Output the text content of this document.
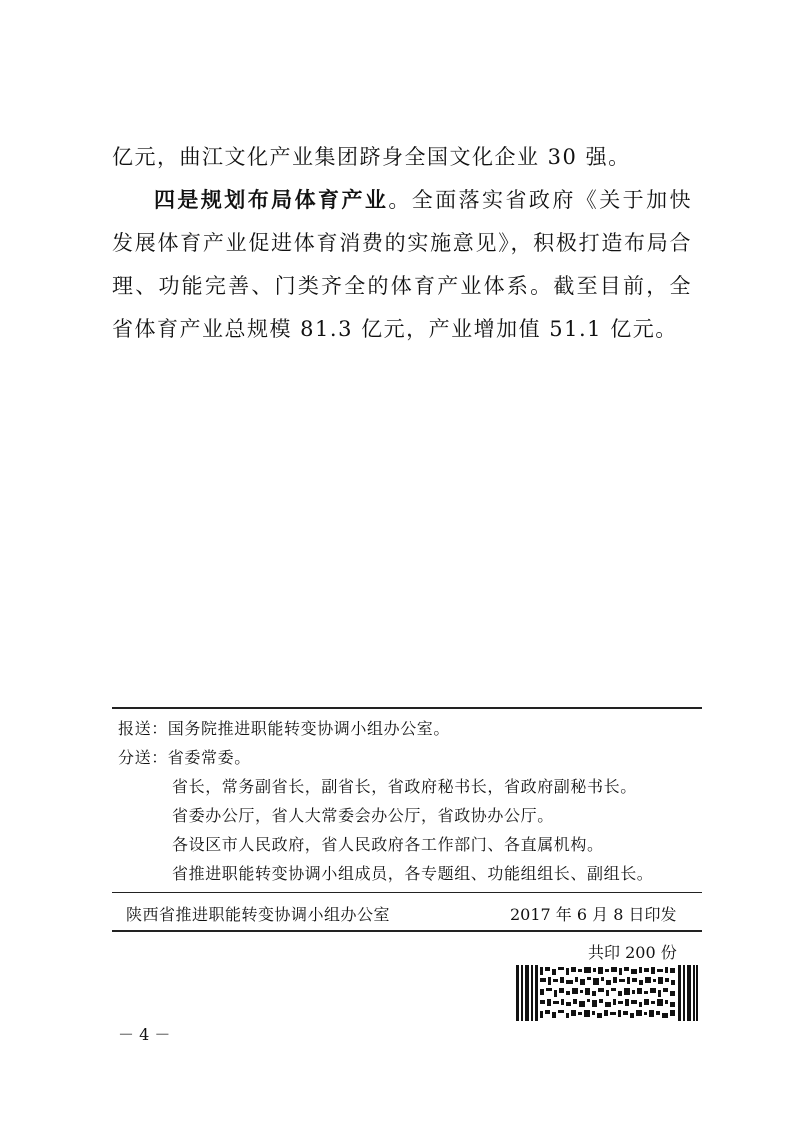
亿元，曲江文化产业集团跻身全国文化企业 30 强。

四是规划布局体育产业。全面落实省政府《关于加快发展体育产业促进体育消费的实施意见》，积极打造布局合理、功能完善、门类齐全的体育产业体系。截至目前，全省体育产业总规模 81.3 亿元，产业增加值 51.1 亿元。

报送：国务院推进职能转变协调小组办公室。
分送：省委常委。
省长，常务副省长，副省长，省政府秘书长，省政府副秘书长。
省委办公厅，省人大常委会办公厅，省政协办公厅。
各设区市人民政府，省人民政府各工作部门、各直属机构。
省推进职能转变协调小组成员，各专题组、功能组组长、副组长。
陕西省推进职能转变协调小组办公室	2017 年 6 月 8 日印发
共印 200 份
－ 4 －
